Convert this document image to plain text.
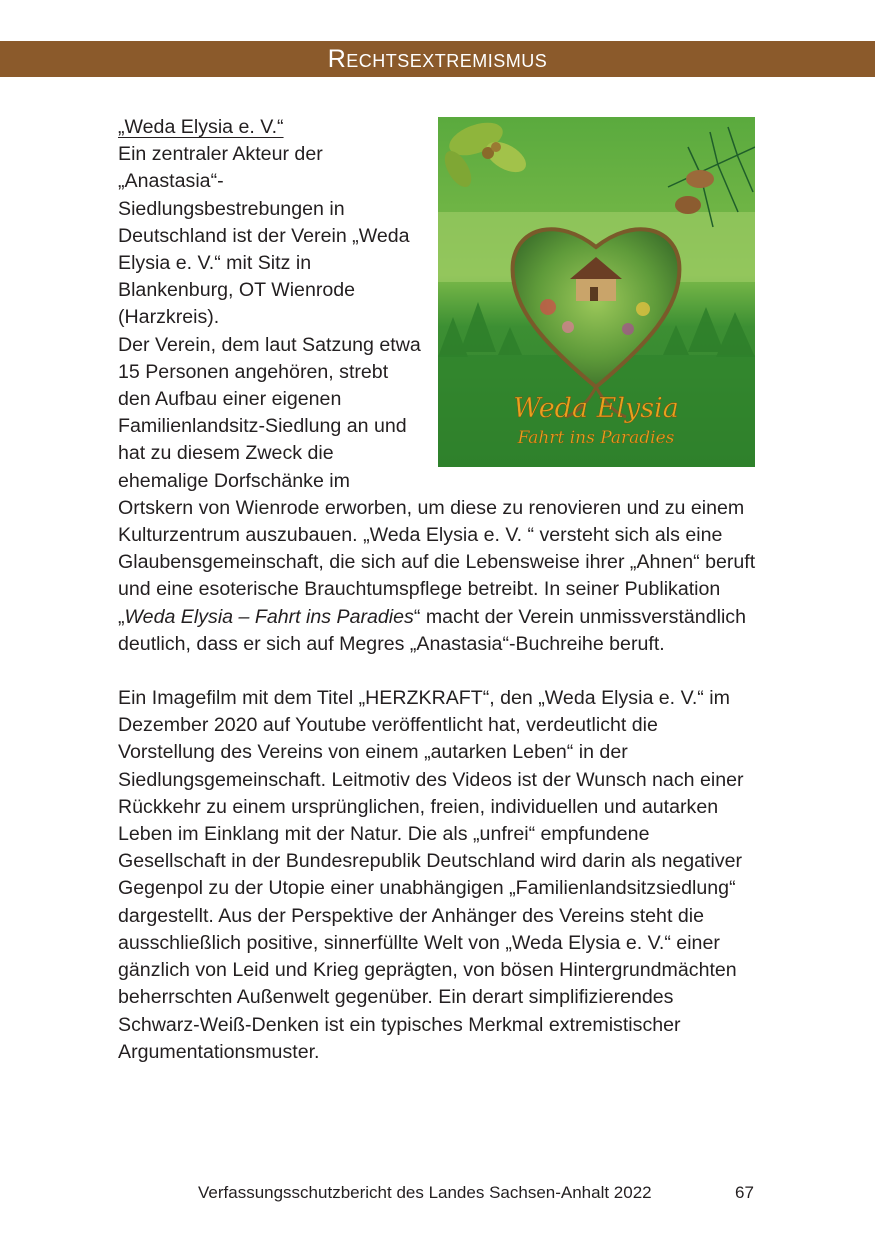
Rechtsextremismus
Weda Elysia
Fahrt ins Paradies

„Weda Elysia e. V.“
Ein zentraler Akteur der „Anastasia“-Siedlungsbestrebungen in Deutschland ist der Verein „Weda Elysia e. V.“ mit Sitz in Blankenburg, OT Wienrode (Harzkreis).
Der Verein, dem laut Satzung etwa 15 Personen angehören, strebt den Aufbau einer eigenen Familienlandsitz-Siedlung an und hat zu diesem Zweck die ehemalige Dorfschänke im Ortskern von Wienrode erworben, um diese zu renovieren und zu einem Kulturzentrum auszubauen. „Weda Elysia e. V. “ versteht sich als eine Glaubensgemeinschaft, die sich auf die Lebensweise ihrer „Ahnen“ beruft und eine esoterische Brauchtumspflege betreibt. In seiner Publikation „Weda Elysia – Fahrt ins Paradies“ macht der Verein unmissverständlich deutlich, dass er sich auf Megres „Anastasia“-Buchreihe beruft.

Ein Imagefilm mit dem Titel „HERZKRAFT“, den „Weda Elysia e. V.“ im Dezember 2020 auf Youtube veröffentlicht hat, verdeutlicht die Vorstellung des Vereins von einem „autarken Leben“ in der Siedlungsgemeinschaft. Leitmotiv des Videos ist der Wunsch nach einer Rückkehr zu einem ursprünglichen, freien, individuellen und autarken Leben im Einklang mit der Natur. Die als „unfrei“ empfundene Gesellschaft in der Bundesrepublik Deutschland wird darin als negativer Gegenpol zu der Utopie einer unabhängigen „Familienlandsitzsiedlung“ dargestellt. Aus der Perspektive der Anhänger des Vereins steht die ausschließlich positive, sinnerfüllte Welt von „Weda Elysia e. V.“ einer gänzlich von Leid und Krieg geprägten, von bösen Hintergrundmächten beherrschten Außenwelt gegenüber. Ein derart simplifizierendes Schwarz-Weiß-Denken ist ein typisches Merkmal extremistischer Argumentationsmuster.

Verfassungsschutzbericht des Landes Sachsen-Anhalt 2022	67
